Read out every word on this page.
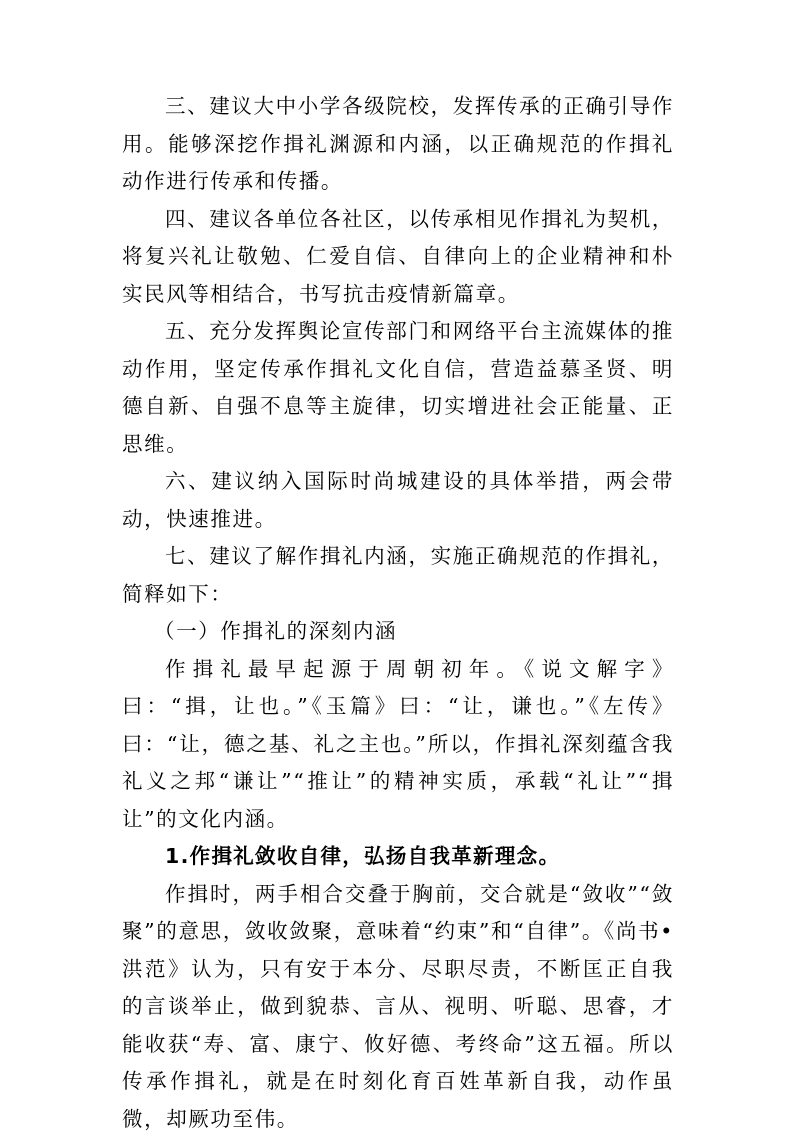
三、建议大中小学各级院校，发挥传承的正确引导作用。能够深挖作揖礼渊源和内涵，以正确规范的作揖礼动作进行传承和传播。

四、建议各单位各社区，以传承相见作揖礼为契机，将复兴礼让敬勉、仁爱自信、自律向上的企业精神和朴实民风等相结合，书写抗击疫情新篇章。

五、充分发挥舆论宣传部门和网络平台主流媒体的推动作用，坚定传承作揖礼文化自信，营造益慕圣贤、明德自新、自强不息等主旋律，切实增进社会正能量、正思维。

六、建议纳入国际时尚城建设的具体举措，两会带动，快速推进。

七、建议了解作揖礼内涵，实施正确规范的作揖礼，简释如下：

（一）作揖礼的深刻内涵

作揖礼最早起源于周朝初年。《说文解字》曰：“揖，让也。”《玉篇》曰：“让，谦也。”《左传》曰：“让，德之基、礼之主也。”所以，作揖礼深刻蕴含我礼义之邦“谦让”“推让”的精神实质，承载“礼让”“揖让”的文化内涵。

1.作揖礼敛收自律，弘扬自我革新理念。

作揖时，两手相合交叠于胸前，交合就是“敛收”“敛聚”的意思，敛收敛聚，意味着“约束”和“自律”。《尚书•洪范》认为，只有安于本分、尽职尽责，不断匡正自我的言谈举止，做到貌恭、言从、视明、听聪、思睿，才能收获“寿、富、康宁、攸好德、考终命”这五福。所以传承作揖礼，就是在时刻化育百姓革新自我，动作虽微，却厥功至伟。
